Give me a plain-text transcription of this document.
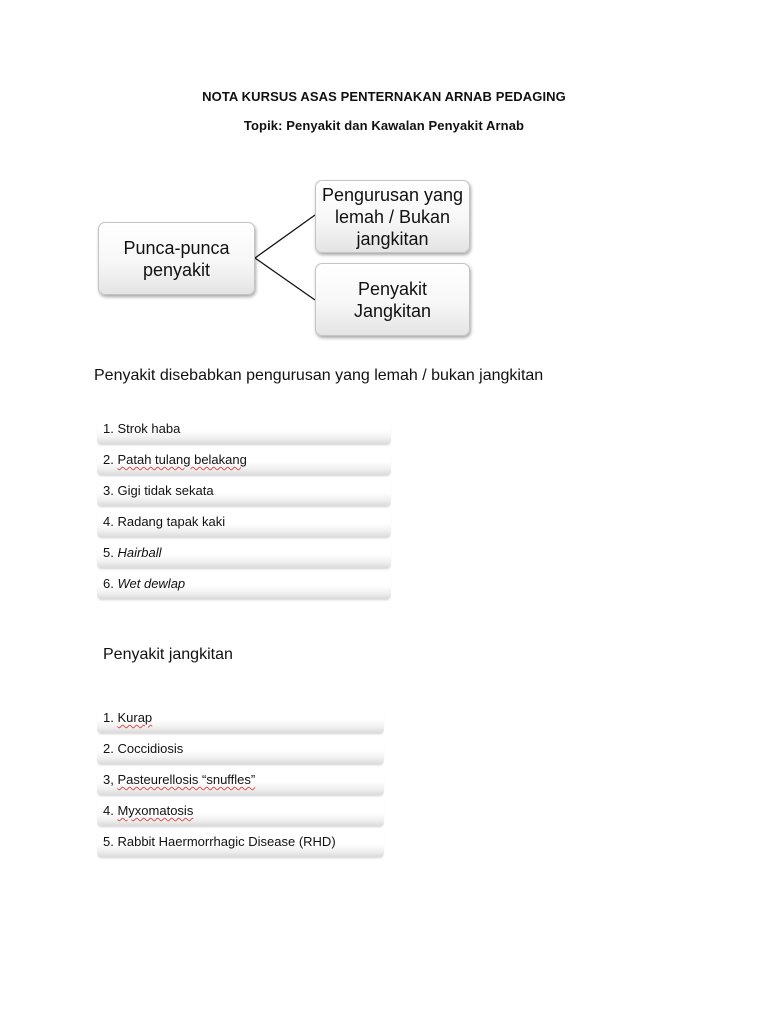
NOTA KURSUS ASAS PENTERNAKAN ARNAB PEDAGING
Topik: Penyakit dan Kawalan Penyakit Arnab
Punca-punca
penyakit
Pengurusan yang
lemah / Bukan
jangkitan
Penyakit
Jangkitan
Penyakit disebabkan pengurusan yang lemah / bukan jangkitan
1. Strok haba
2. Patah tulang belakang
3. Gigi tidak sekata
4. Radang tapak kaki
5. Hairball
6. Wet dewlap
Penyakit jangkitan
1. Kurap
2. Coccidiosis
3, Pasteurellosis “snuffles”
4. Myxomatosis
5. Rabbit Haermorrhagic Disease (RHD)
